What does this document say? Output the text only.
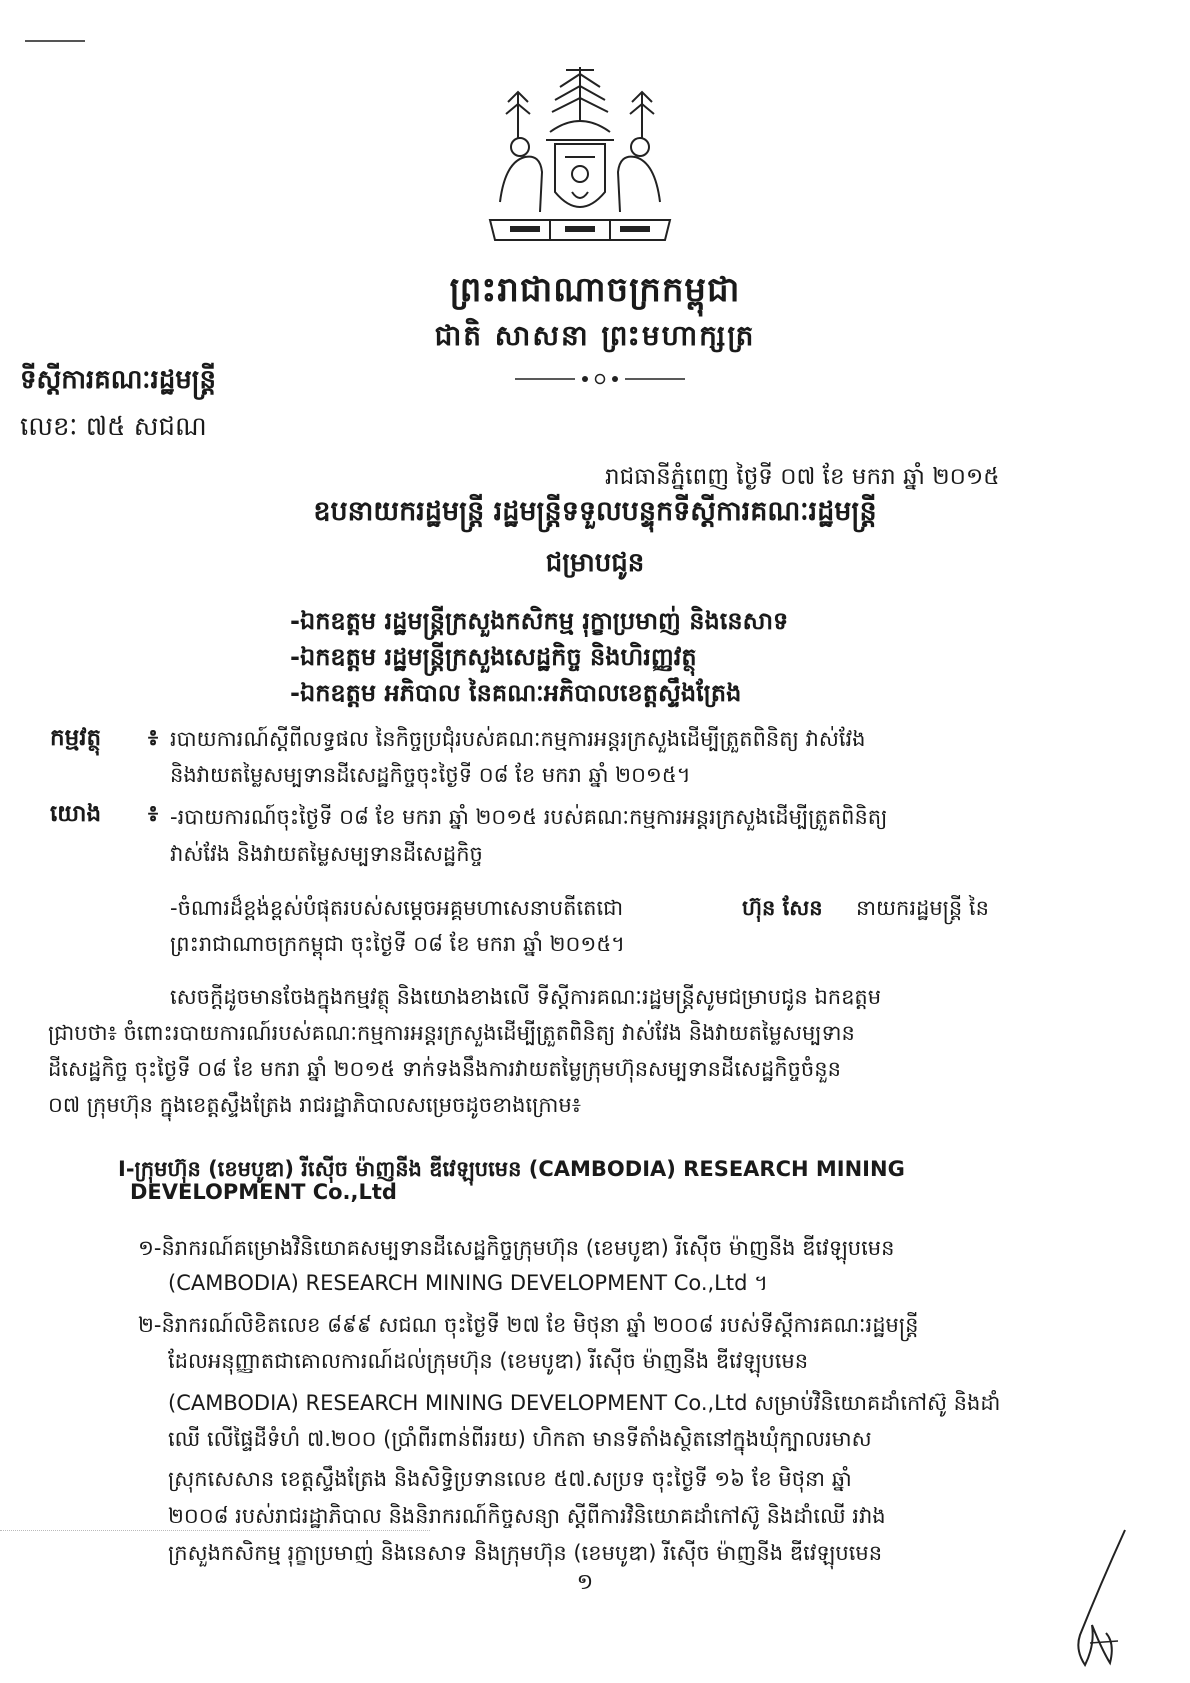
ព្រះរាជាណាចក្រកម្ពុជា
ជាតិ សាសនា ព្រះមហាក្សត្រ
ទីស្តីការគណៈរដ្ឋមន្ត្រី
លេខៈ ៧៥ សជណ
រាជធានីភ្នំពេញ ថ្ងៃទី ០៧ ខែ មករា ឆ្នាំ ២០១៥
ឧបនាយករដ្ឋមន្ត្រី រដ្ឋមន្ត្រីទទួលបន្ទុកទីស្តីការគណៈរដ្ឋមន្ត្រី
ជម្រាបជូន
-ឯកឧត្តម រដ្ឋមន្ត្រីក្រសួងកសិកម្ម រុក្ខាប្រមាញ់ និងនេសាទ
-ឯកឧត្តម រដ្ឋមន្ត្រីក្រសួងសេដ្ឋកិច្ច និងហិរញ្ញវត្ថុ
-ឯកឧត្តម អភិបាល នៃគណៈអភិបាលខេត្តស្ទឹងត្រែង
កម្មវត្ថុ ៖ របាយការណ៍ស្តីពីលទ្ធផល នៃកិច្ចប្រជុំរបស់គណៈកម្មការអន្តរក្រសួងដើម្បីត្រួតពិនិត្យ វាស់វែង
និងវាយតម្លៃសម្បទានដីសេដ្ឋកិច្ចចុះថ្ងៃទី ០៨ ខែ មករា ឆ្នាំ ២០១៥។
យោង ៖ -របាយការណ៍ចុះថ្ងៃទី ០៨ ខែ មករា ឆ្នាំ ២០១៥ របស់គណៈកម្មការអន្តរក្រសួងដើម្បីត្រួតពិនិត្យ
វាស់វែង និងវាយតម្លៃសម្បទានដីសេដ្ឋកិច្ច
-ចំណារដ៏ខ្ពង់ខ្ពស់បំផុតរបស់សម្តេចអគ្គមហាសេនាបតីតេជោ	ហ៊ុន សែន នាយករដ្ឋមន្ត្រី នៃ
ព្រះរាជាណាចក្រកម្ពុជា ចុះថ្ងៃទី ០៨ ខែ មករា ឆ្នាំ ២០១៥។
សេចក្តីដូចមានចែងក្នុងកម្មវត្ថុ និងយោងខាងលើ ទីស្តីការគណៈរដ្ឋមន្ត្រីសូមជម្រាបជូន ឯកឧត្តម
ជ្រាបថា៖ ចំពោះរបាយការណ៍របស់គណៈកម្មការអន្តរក្រសួងដើម្បីត្រួតពិនិត្យ វាស់វែង និងវាយតម្លៃសម្បទាន
ដីសេដ្ឋកិច្ច ចុះថ្ងៃទី ០៨ ខែ មករា ឆ្នាំ ២០១៥ ទាក់ទងនឹងការវាយតម្លៃក្រុមហ៊ុនសម្បទានដីសេដ្ឋកិច្ចចំនួន
០៧ ក្រុមហ៊ុន ក្នុងខេត្តស្ទឹងត្រែង រាជរដ្ឋាភិបាលសម្រេចដូចខាងក្រោម៖
I-ក្រុមហ៊ុន (ខេមបូឌា) រីស៊ើច ម៉ាញនីង ឌីវេឡុបមេន (CAMBODIA) RESEARCH MINING
DEVELOPMENT Co.,Ltd
១-និរាករណ៍គម្រោងវិនិយោគសម្បទានដីសេដ្ឋកិច្ចក្រុមហ៊ុន (ខេមបូឌា) រីស៊ើច ម៉ាញនីង ឌីវេឡុបមេន
(CAMBODIA) RESEARCH MINING DEVELOPMENT Co.,Ltd ។
២-និរាករណ៍លិខិតលេខ ៨៩៩ សជណ ចុះថ្ងៃទី ២៧ ខែ មិថុនា ឆ្នាំ ២០០៨ របស់ទីស្តីការគណៈរដ្ឋមន្ត្រី
ដែលអនុញ្ញាតជាគោលការណ៍ដល់ក្រុមហ៊ុន (ខេមបូឌា) រីស៊ើច ម៉ាញនីង ឌីវេឡុបមេន
(CAMBODIA) RESEARCH MINING DEVELOPMENT Co.,Ltd សម្រាប់វិនិយោគដាំកៅស៊ូ និងដាំ
ឈើ លើផ្ទៃដីទំហំ ៧.២០០ (ប្រាំពីរពាន់ពីររយ) ហិកតា មានទីតាំងស្ថិតនៅក្នុងឃុំក្បាលរមាស
ស្រុកសេសាន ខេត្តស្ទឹងត្រែង និងសិទ្ធិប្រទានលេខ ៥៧.សប្រទ ចុះថ្ងៃទី ១៦ ខែ មិថុនា ឆ្នាំ
២០០៨ របស់រាជរដ្ឋាភិបាល និងនិរាករណ៍កិច្ចសន្យា ស្តីពីការវិនិយោគដាំកៅស៊ូ និងដាំឈើ រវាង
ក្រសួងកសិកម្ម រុក្ខាប្រមាញ់ និងនេសាទ និងក្រុមហ៊ុន (ខេមបូឌា) រីស៊ើច ម៉ាញនីង ឌីវេឡុបមេន
១
